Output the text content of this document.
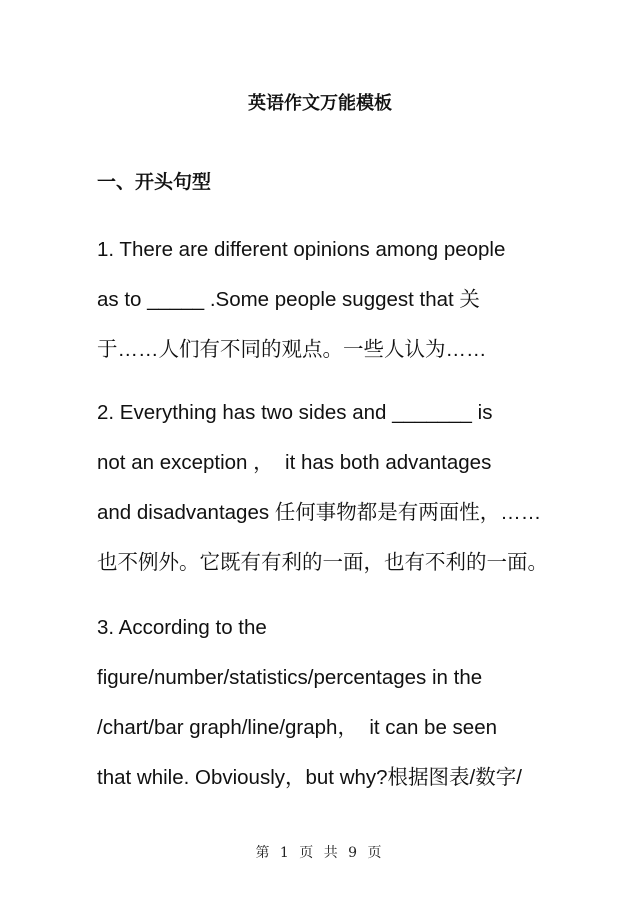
英语作文万能模板
一、开头句型
1. There are different opinions among people
as to _____ .Some people suggest that 关
于……人们有不同的观点。一些人认为……
2. Everything has two sides and _______ is
not an exception ，  it has both advantages
and disadvantages 任何事物都是有两面性，……
也不例外。它既有有利的一面，也有不利的一面。
3. According to the
figure/number/statistics/percentages in the
/chart/bar graph/line/graph，  it can be seen
that while. Obviously，but why?根据图表/数字/
第 1 页 共 9 页
